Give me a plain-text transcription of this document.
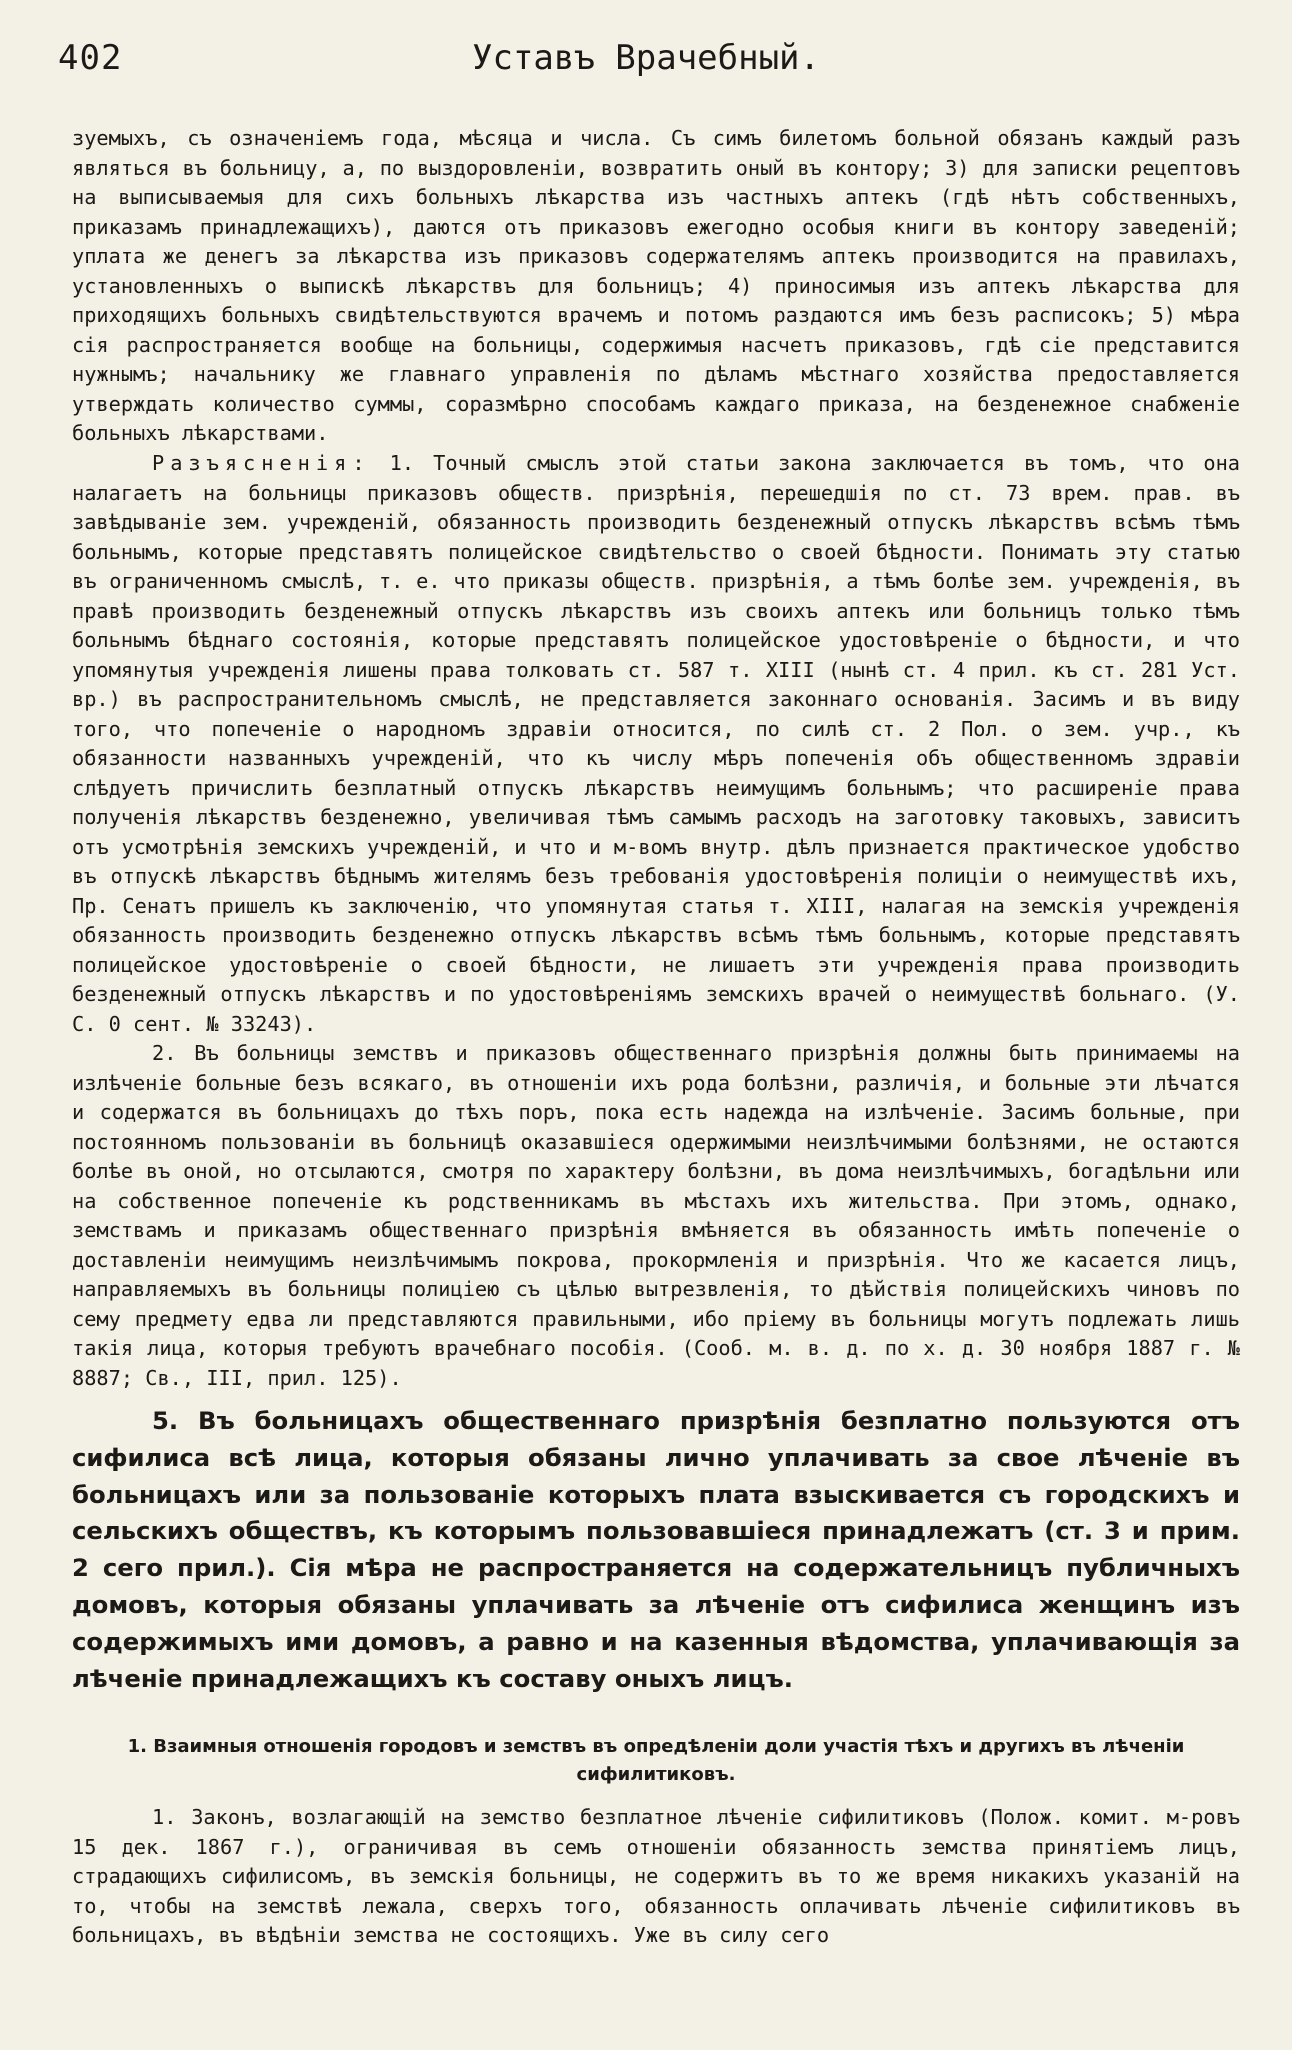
402	Уставъ Врачебный.

зуемыхъ, съ означеніемъ года, мѣсяца и числа. Съ симъ билетомъ больной обязанъ каждый разъ являться въ больницу, а, по выздоровленіи, возвратить оный въ контору; 3) для записки рецептовъ на выписываемыя для сихъ больныхъ лѣкарства изъ частныхъ аптекъ (гдѣ нѣтъ собственныхъ, приказамъ принадлежащихъ), даются отъ приказовъ ежегодно особыя книги въ контору заведеній; уплата же денегъ за лѣкарства изъ приказовъ содержателямъ аптекъ производится на правилахъ, установленныхъ о выпискѣ лѣкарствъ для больницъ; 4) приносимыя изъ аптекъ лѣкарства для приходящихъ больныхъ свидѣтельствуются врачемъ и потомъ раздаются имъ безъ расписокъ; 5) мѣра сія распространяется вообще на больницы, содержимыя насчетъ приказовъ, гдѣ сіе представится нужнымъ; начальнику же главнаго управленія по дѣламъ мѣстнаго хозяйства предоставляется утверждать количество суммы, соразмѣрно способамъ каждаго приказа, на безденежное снабженіе больныхъ лѣкарствами.

Разъясненія: 1. Точный смыслъ этой статьи закона заключается въ томъ, что она налагаетъ на больницы приказовъ обществ. призрѣнія, перешедшія по ст. 73 врем. прав. въ завѣдываніе зем. учрежденій, обязанность производить безденежный отпускъ лѣкарствъ всѣмъ тѣмъ больнымъ, которые представятъ полицейское свидѣтельство о своей бѣдности. Понимать эту статью въ ограниченномъ смыслѣ, т. е. что приказы обществ. призрѣнія, а тѣмъ болѣе зем. учрежденія, въ правѣ производить безденежный отпускъ лѣкарствъ изъ своихъ аптекъ или больницъ только тѣмъ больнымъ бѣднаго состоянія, которые представятъ полицейское удостовѣреніе о бѣдности, и что упомянутыя учрежденія лишены права толковать ст. 587 т. XIII (нынѣ ст. 4 прил. къ ст. 281 Уст. вр.) въ распространительномъ смыслѣ, не представляется законнаго основанія. Засимъ и въ виду того, что попеченіе о народномъ здравіи относится, по силѣ ст. 2 Пол. о зем. учр., къ обязанности названныхъ учрежденій, что къ числу мѣръ попеченія объ общественномъ здравіи слѣдуетъ причислить безплатный отпускъ лѣкарствъ неимущимъ больнымъ; что расширеніе права полученія лѣкарствъ безденежно, увеличивая тѣмъ самымъ расходъ на заготовку таковыхъ, зависитъ отъ усмотрѣнія земскихъ учрежденій, и что и м-вомъ внутр. дѣлъ признается практическое удобство въ отпускѣ лѣкарствъ бѣднымъ жителямъ безъ требованія удостовѣренія полиціи о неимуществѣ ихъ, Пр. Сенатъ пришелъ къ заключенію, что упомянутая статья т. XIII, налагая на земскія учрежденія обязанность производить безденежно отпускъ лѣкарствъ всѣмъ тѣмъ больнымъ, которые представятъ полицейское удостовѣреніе о своей бѣдности, не лишаетъ эти учрежденія права производить безденежный отпускъ лѣкарствъ и по удостовѣреніямъ земскихъ врачей о неимуществѣ больнаго. (У. С. 0 сент. № 33243).

2. Въ больницы земствъ и приказовъ общественнаго призрѣнія должны быть принимаемы на излѣченіе больные безъ всякаго, въ отношеніи ихъ рода болѣзни, различія, и больные эти лѣчатся и содержатся въ больницахъ до тѣхъ поръ, пока есть надежда на излѣченіе. Засимъ больные, при постоянномъ пользованіи въ больницѣ оказавшіеся одержимыми неизлѣчимыми болѣзнями, не остаются болѣе въ оной, но отсылаются, смотря по характеру болѣзни, въ дома неизлѣчимыхъ, богадѣльни или на собственное попеченіе къ родственникамъ въ мѣстахъ ихъ жительства. При этомъ, однако, земствамъ и приказамъ общественнаго призрѣнія вмѣняется въ обязанность имѣть попеченіе о доставленіи неимущимъ неизлѣчимымъ покрова, прокормленія и призрѣнія. Что же касается лицъ, направляемыхъ въ больницы полиціею съ цѣлью вытрезвленія, то дѣйствія полицейскихъ чиновъ по сему предмету едва ли представляются правильными, ибо пріему въ больницы могутъ подлежать лишь такія лица, которыя требуютъ врачебнаго пособія. (Сооб. м. в. д. по х. д. 30 ноября 1887 г. № 8887; Св., III, прил. 125).

5. Въ больницахъ общественнаго призрѣнія безплатно пользуются отъ сифилиса всѣ лица, которыя обязаны лично уплачивать за свое лѣченіе въ больницахъ или за пользованіе которыхъ плата взыскивается съ городскихъ и сельскихъ обществъ, къ которымъ пользовавшіеся принадлежатъ (ст. 3 и прим. 2 сего прил.). Сія мѣра не распространяется на содержательницъ публичныхъ домовъ, которыя обязаны уплачивать за лѣченіе отъ сифилиса женщинъ изъ содержимыхъ ими домовъ, а равно и на казенныя вѣдомства, уплачивающія за лѣченіе принадлежащихъ къ составу оныхъ лицъ.

1. Взаимныя отношенія городовъ и земствъ въ опредѣленіи доли участія тѣхъ и другихъ въ лѣченіи сифилитиковъ.

1. Законъ, возлагающій на земство безплатное лѣченіе сифилитиковъ (Полож. комит. м-ровъ 15 дек. 1867 г.), ограничивая въ семъ отношеніи обязанность земства принятіемъ лицъ, страдающихъ сифилисомъ, въ земскія больницы, не содержитъ въ то же время никакихъ указаній на то, чтобы на земствѣ лежала, сверхъ того, обязанность оплачивать лѣченіе сифилитиковъ въ больницахъ, въ вѣдѣніи земства не состоящихъ. Уже въ силу сего
